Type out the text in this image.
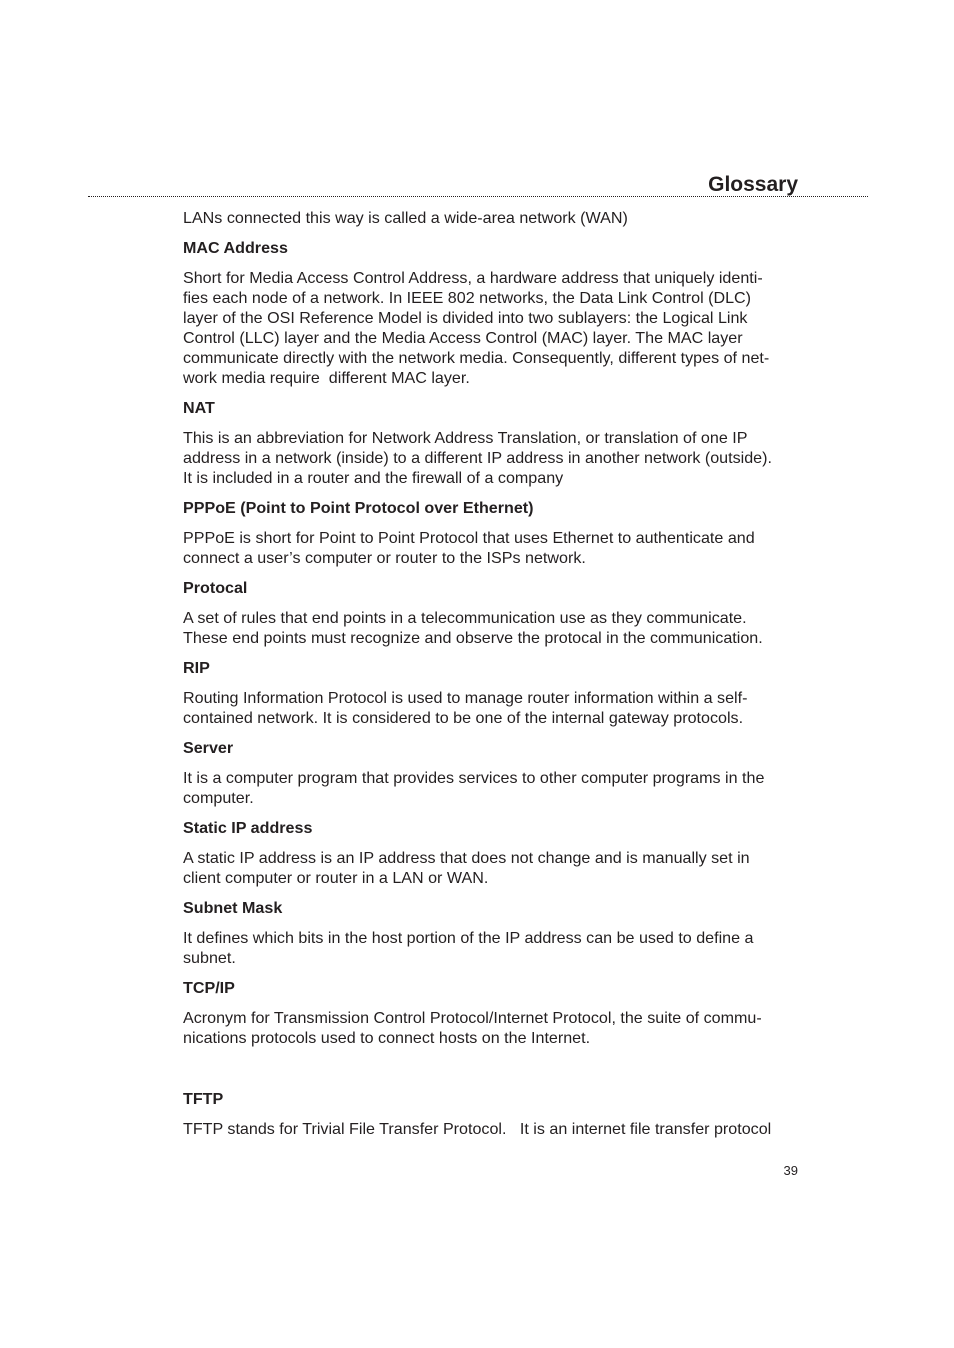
Glossary

LANs connected this way is called a wide-area network (WAN)

MAC Address

Short for Media Access Control Address, a hardware address that uniquely identi-
fies each node of a network. In IEEE 802 networks, the Data Link Control (DLC)
layer of the OSI Reference Model is divided into two sublayers: the Logical Link
Control (LLC) layer and the Media Access Control (MAC) layer. The MAC layer
communicate directly with the network media. Consequently, different types of net-
work media require  different MAC layer.

NAT

This is an abbreviation for Network Address Translation, or translation of one IP
address in a network (inside) to a different IP address in another network (outside).
It is included in a router and the firewall of a company

PPPoE (Point to Point Protocol over Ethernet)

PPPoE is short for Point to Point Protocol that uses Ethernet to authenticate and
connect a user’s computer or router to the ISPs network.

Protocal

A set of rules that end points in a telecommunication use as they communicate.
These end points must recognize and observe the protocal in the communication.

RIP

Routing Information Protocol is used to manage router information within a self-
contained network. It is considered to be one of the internal gateway protocols.

Server

It is a computer program that provides services to other computer programs in the
computer.

Static IP address

A static IP address is an IP address that does not change and is manually set in
client computer or router in a LAN or WAN.

Subnet Mask

It defines which bits in the host portion of the IP address can be used to define a
subnet.

TCP/IP

Acronym for Transmission Control Protocol/Internet Protocol, the suite of commu-
nications protocols used to connect hosts on the Internet.

TFTP

TFTP stands for Trivial File Transfer Protocol.   It is an internet file transfer protocol
39
